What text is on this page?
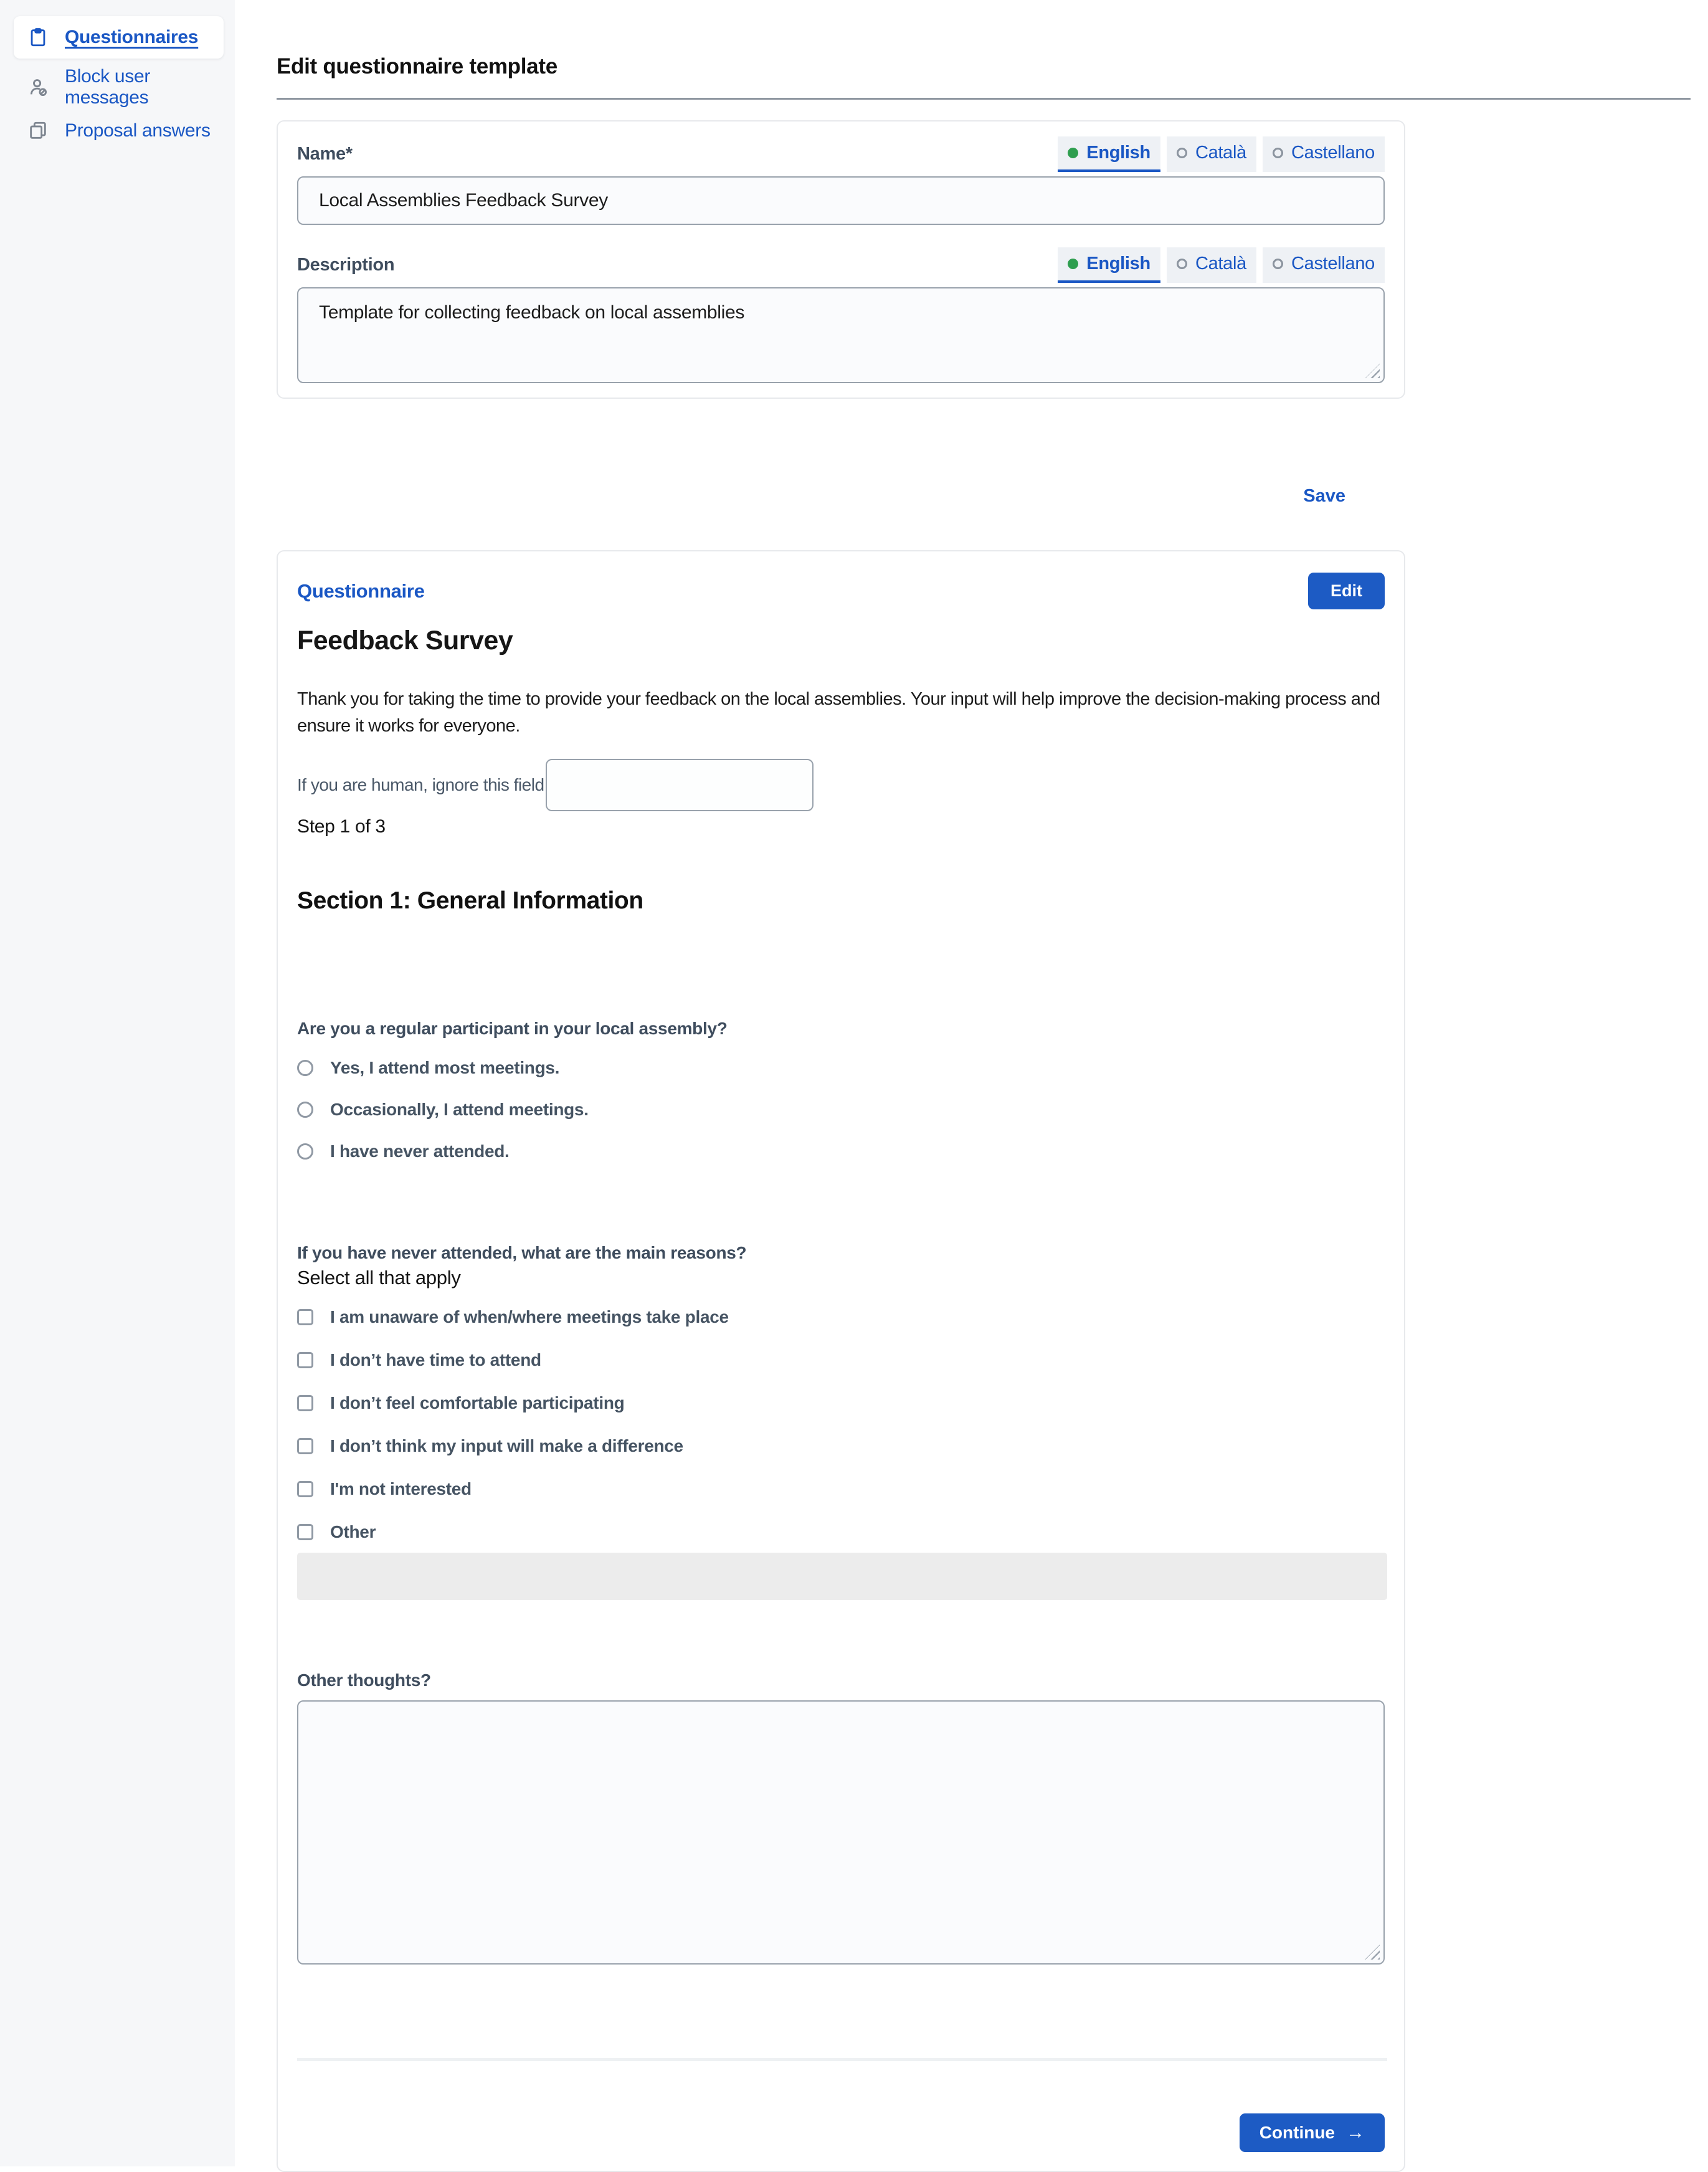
Questionnaires
Block user messages
Proposal answers
Edit questionnaire template
Name*	English Català Castellano
Local Assemblies Feedback Survey
Description	English Català Castellano
Template for collecting feedback on local assemblies
Save
Questionnaire	Edit
Feedback Survey

Thank you for taking the time to provide your feedback on the local assemblies. Your input will help improve the decision-making process and ensure it works for everyone.

If you are human, ignore this field
Step 1 of 3
Section 1: General Information
Are you a regular participant in your local assembly?
Yes, I attend most meetings.
Occasionally, I attend meetings.
I have never attended.
If you have never attended, what are the main reasons?
Select all that apply
I am unaware of when/where meetings take place
I don’t have time to attend
I don’t feel comfortable participating
I don’t think my input will make a difference
I'm not interested
Other
Other thoughts?
Continue →
